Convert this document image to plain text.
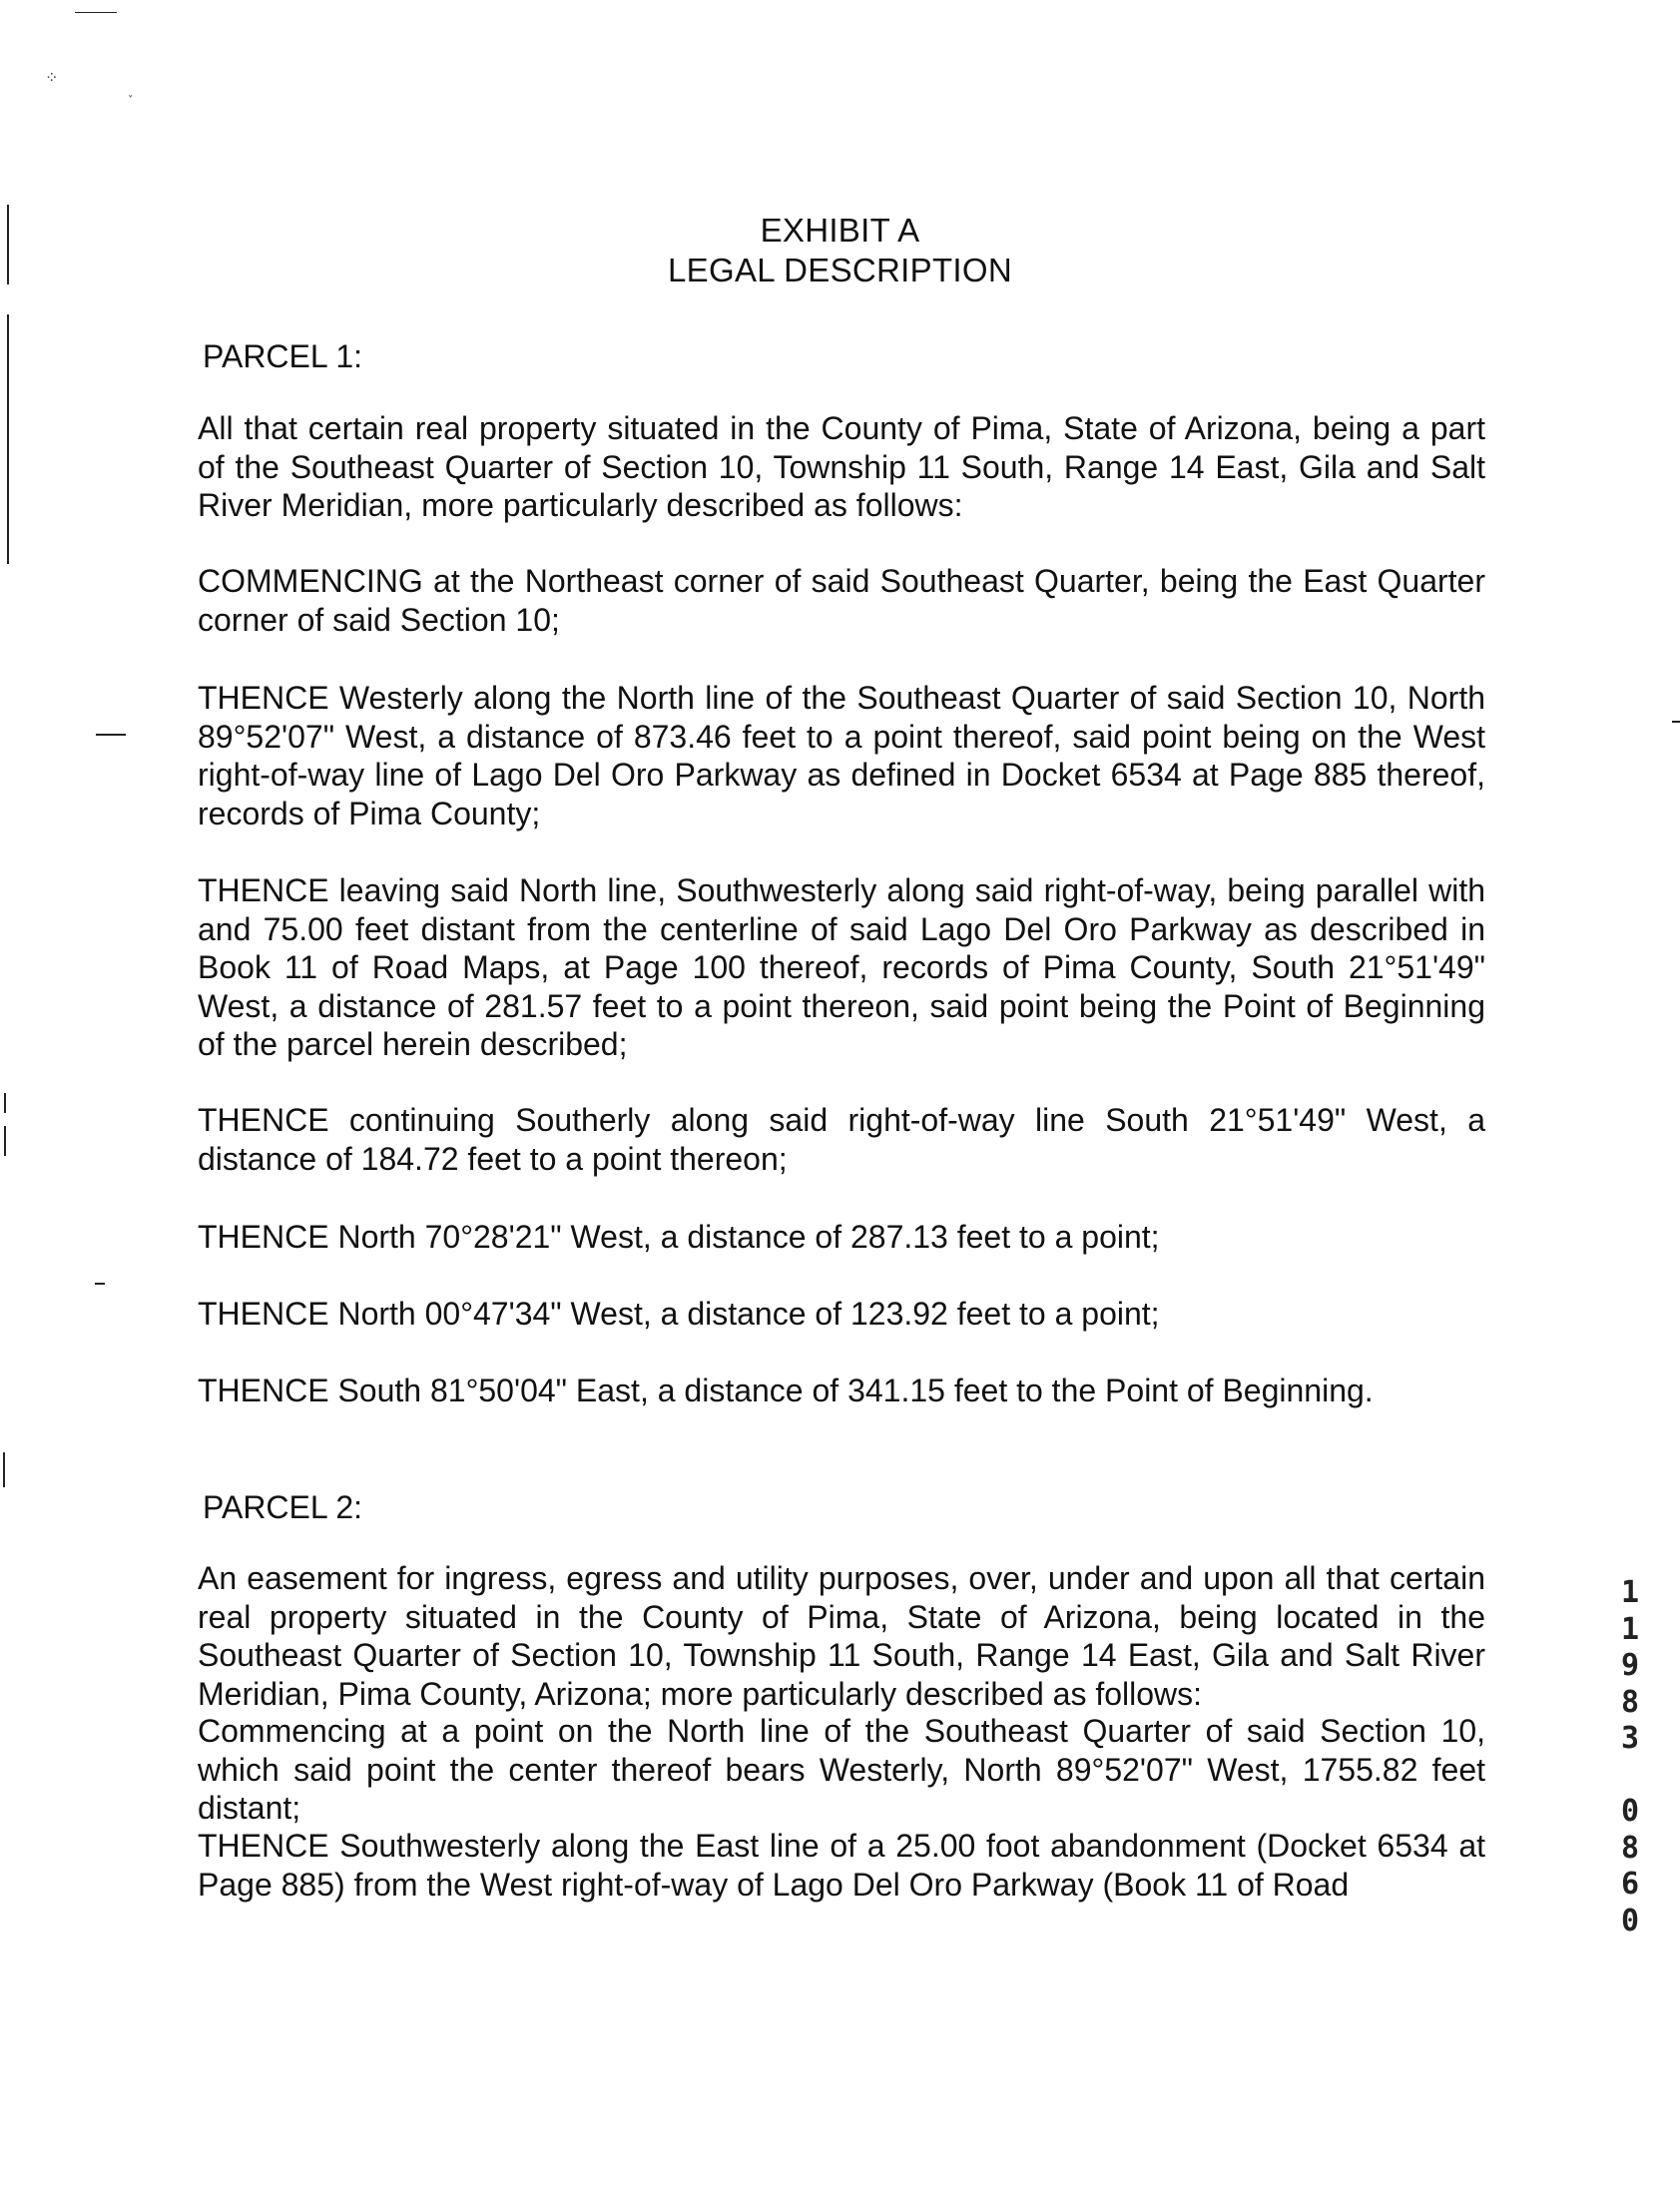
⁘
˯
EXHIBIT A
LEGAL DESCRIPTION
PARCEL 1:

All that certain real property situated in the County of Pima, State of Arizona, being a part of the Southeast Quarter of Section 10, Township 11 South, Range 14 East, Gila and Salt River Meridian, more particularly described as follows:

COMMENCING at the Northeast corner of said Southeast Quarter, being the East Quarter corner of said Section 10;

THENCE Westerly along the North line of the Southeast Quarter of said Section 10, North 89°52'07" West, a distance of 873.46 feet to a point thereof, said point being on the West right-of-way line of Lago Del Oro Parkway as defined in Docket 6534 at Page 885 thereof, records of Pima County;

THENCE leaving said North line, Southwesterly along said right-of-way, being parallel with and 75.00 feet distant from the centerline of said Lago Del Oro Parkway as described in Book 11 of Road Maps, at Page 100 thereof, records of Pima County, South 21°51'49" West, a distance of 281.57 feet to a point thereon, said point being the Point of Beginning of the parcel herein described;

THENCE continuing Southerly along said right-of-way line South 21°51'49" West, a distance of 184.72 feet to a point thereon;

THENCE North 70°28'21" West, a distance of 287.13 feet to a point;

THENCE North 00°47'34" West, a distance of 123.92 feet to a point;

THENCE South 81°50'04" East, a distance of 341.15 feet to the Point of Beginning.

PARCEL 2:

An easement for ingress, egress and utility purposes, over, under and upon all that certain real property situated in the County of Pima, State of Arizona, being located in the Southeast Quarter of Section 10, Township 11 South, Range 14 East, Gila and Salt River Meridian, Pima County, Arizona; more particularly described as follows:

Commencing at a point on the North line of the Southeast Quarter of said Section 10, which said point the center thereof bears Westerly, North 89°52'07" West, 1755.82 feet distant;

THENCE Southwesterly along the East line of a 25.00 foot abandonment (Docket 6534 at Page 885) from the West right-of-way of Lago Del Oro Parkway (Book 11 of Road

1
1
9
8
3

0
8
6
0
